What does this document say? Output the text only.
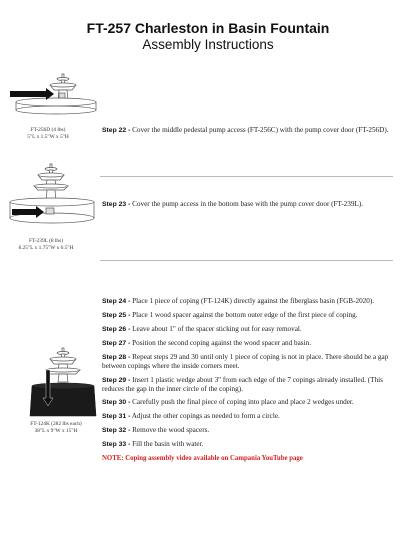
FT-257 Charleston in Basin Fountain
Assembly Instructions
FT-256D (4 lbs)
5"L x 1.5"W x 5"H
Step 22 - Cover the middle pedestal pump access (FT-256C) with the pump cover door (FT-256D).
FT-239L (8 lbs)
8.25"L x 1.75"W x 6.5"H
Step 23 - Cover the pump access in the bottom base with the pump cover door (FT-239L).
FT-124K (282 lbs each)
38"L x 9"W x 15"H
Step 24 - Place 1 piece of coping (FT-124K) directly against the fiberglass basin (FGB-2020).
Step 25 - Place 1 wood spacer against the bottom outer edge of the first piece of coping.
Step 26 - Leave about 1" of the spacer sticking out for easy removal.
Step 27 - Position the second coping against the wood spacer and basin.
Step 28 - Repeat steps 29 and 30 until only 1 piece of coping is not in place. There should be a gap between copings where the inside corners meet.
Step 29 - Insert 1 plastic wedge about 3" from each edge of the 7 copings already installed. (This reduces the gap in the inner circle of the coping).
Step 30 - Carefully push the final piece of coping into place and place 2 wedges under.
Step 31 - Adjust the other copings as needed to form a circle.
Step 32 - Remove the wood spacers.
Step 33 - Fill the basin with water.
NOTE: Coping assembly video available on Campania YouTube page
